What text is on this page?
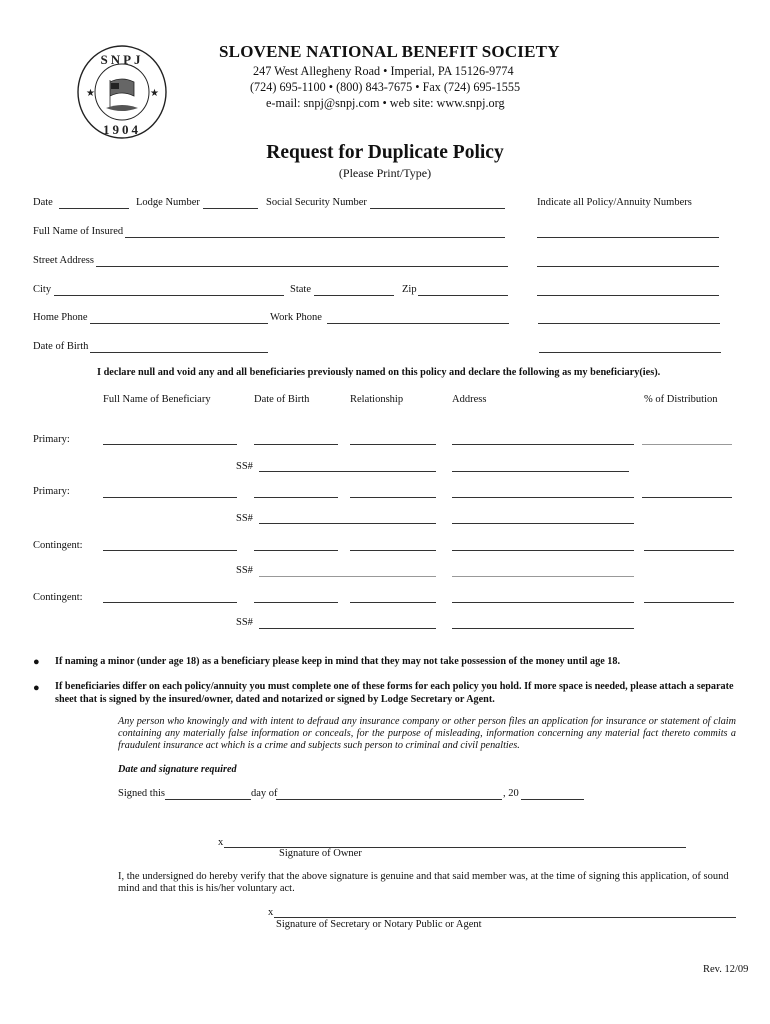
SNPJ
1904
★	★
SLOVENE NATIONAL BENEFIT SOCIETY
247 West Allegheny Road • Imperial, PA 15126-9774
(724) 695-1100 • (800) 843-7675 • Fax (724) 695-1555
e-mail: snpj@snpj.com • web site: www.snpj.org
Request for Duplicate Policy
(Please Print/Type)
Date	Lodge Number	Social Security Number	Indicate all Policy/Annuity Numbers
Full Name of Insured
Street Address
City	State	Zip
Home Phone	Work Phone
Date of Birth
I declare null and void any and all beneficiaries previously named on this policy and declare the following as my beneficiary(ies).
Full Name of Beneficiary	Date of Birth	Relationship	Address	% of Distribution
Primary:
SS#
Primary:
SS#
Contingent:
SS#
Contingent:
SS#
● If naming a minor (under age 18) as a beneficiary please keep in mind that they may not take possession of the money until age 18.
● If beneficiaries differ on each policy/annuity you must complete one of these forms for each policy you hold. If more space is needed, please attach a separate sheet that is signed by the insured/owner, dated and notarized or signed by Lodge Secretary or Agent.
Any person who knowingly and with intent to defraud any insurance company or other person files an application for insurance or statement of claim containing any materially false information or conceals, for the purpose of misleading, information concerning any material fact thereto commits a fraudulent insurance act which is a crime and subjects such person to criminal and civil penalties.
Date and signature required
Signed this	day of	, 20
x
Signature of Owner
I, the undersigned do hereby verify that the above signature is genuine and that said member was, at the time of signing this application, of sound mind and that this is his/her voluntary act.
x
Signature of Secretary or Notary Public or Agent
Rev. 12/09
